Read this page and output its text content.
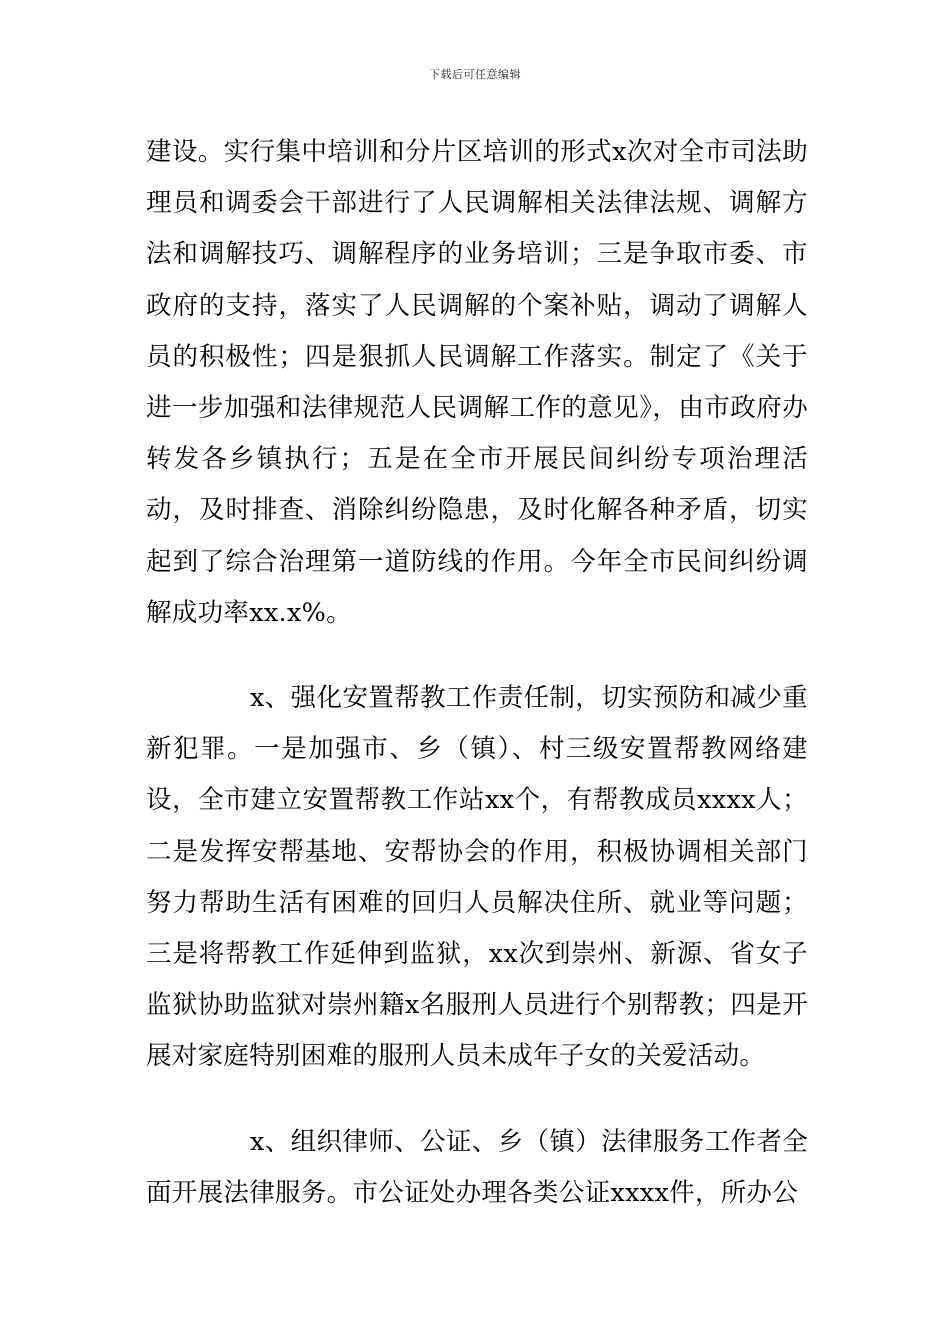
下载后可任意编辑

建设。实行集中培训和分片区培训的形式x次对全市司法助理员和调委会干部进行了人民调解相关法律法规、调解方法和调解技巧、调解程序的业务培训；三是争取市委、市政府的支持，落实了人民调解的个案补贴，调动了调解人员的积极性；四是狠抓人民调解工作落实。制定了《关于进一步加强和法律规范人民调解工作的意见》，由市政府办转发各乡镇执行；五是在全市开展民间纠纷专项治理活动，及时排查、消除纠纷隐患，及时化解各种矛盾，切实起到了综合治理第一道防线的作用。今年全市民间纠纷调解成功率xx.x%。

x、强化安置帮教工作责任制，切实预防和减少重新犯罪。一是加强市、乡（镇）、村三级安置帮教网络建设，全市建立安置帮教工作站xx个，有帮教成员xxxx人；二是发挥安帮基地、安帮协会的作用，积极协调相关部门努力帮助生活有困难的回归人员解决住所、就业等问题；三是将帮教工作延伸到监狱，xx次到崇州、新源、省女子监狱协助监狱对崇州籍x名服刑人员进行个别帮教；四是开展对家庭特别困难的服刑人员未成年子女的关爱活动。

x、组织律师、公证、乡（镇）法律服务工作者全面开展法律服务。市公证处办理各类公证xxxx件，所办公
